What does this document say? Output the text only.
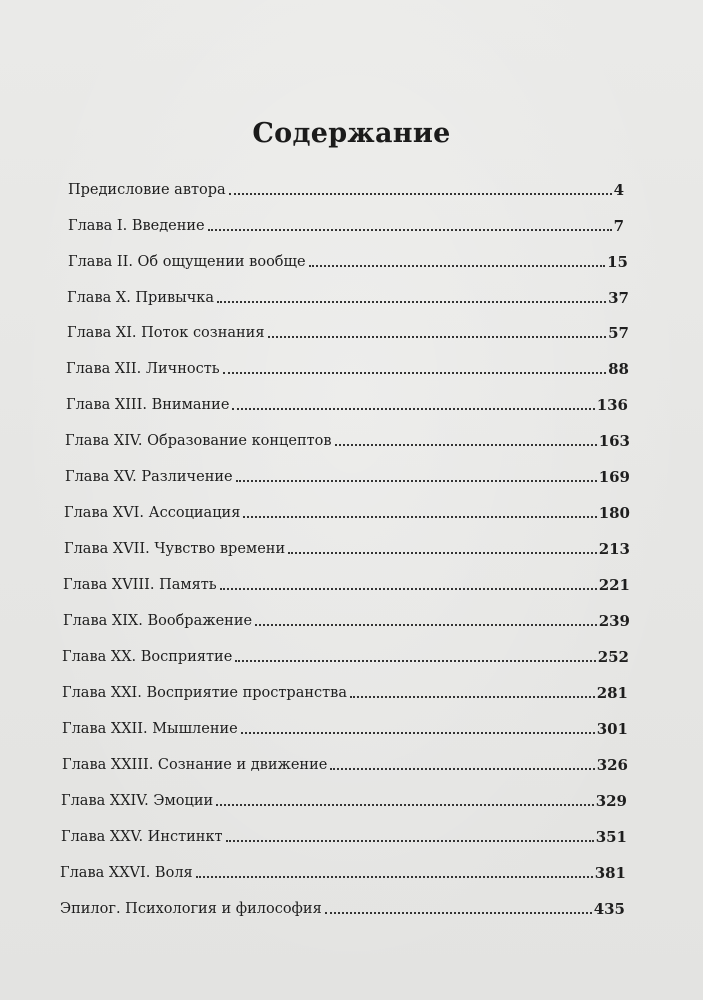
Содержание
Предисловие автора	4
Глава I. Введение	7
Глава II. Об ощущении вообще	15
Глава X. Привычка	37
Глава XI. Поток сознания	57
Глава XII. Личность	88
Глава XIII. Внимание	136
Глава XIV. Образование концептов	163
Глава XV. Различение	169
Глава XVI. Ассоциация	180
Глава XVII. Чувство времени	213
Глава XVIII. Память	221
Глава XIX. Воображение	239
Глава XX. Восприятие	252
Глава XXI. Восприятие пространства	281
Глава XXII. Мышление	301
Глава XXIII. Сознание и движение	326
Глава XXIV. Эмоции	329
Глава XXV. Инстинкт	351
Глава XXVI. Воля	381
Эпилог. Психология и философия	435
